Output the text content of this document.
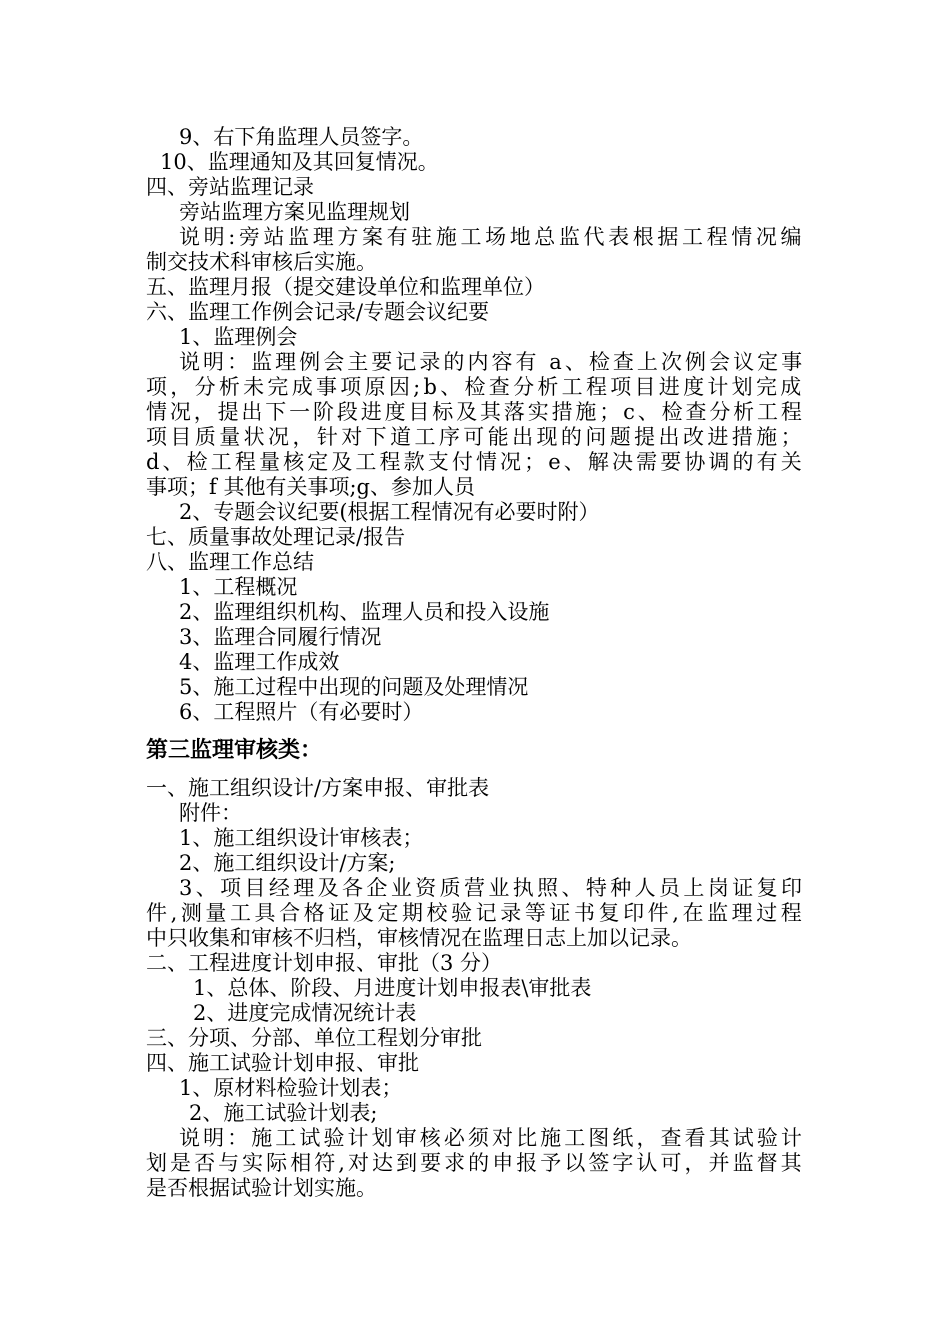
9、右下角监理人员签字。
10、监理通知及其回复情况。
四、旁站监理记录
旁站监理方案见监理规划
说明:旁站监理方案有驻施工场地总监代表根据工程情况编
制交技术科审核后实施。
五、监理月报（提交建设单位和监理单位）
六、监理工作例会记录/专题会议纪要
1、监理例会
说明：监理例会主要记录的内容有 a、检查上次例会议定事
项，分析未完成事项原因;b、检查分析工程项目进度计划完成
情况，提出下一阶段进度目标及其落实措施；c、检查分析工程
项目质量状况，针对下道工序可能出现的问题提出改进措施；
d、检工程量核定及工程款支付情况；e、解决需要协调的有关
事项；f 其他有关事项;g、参加人员
2、专题会议纪要(根据工程情况有必要时附）
七、质量事故处理记录/报告
八、监理工作总结
1、工程概况
2、监理组织机构、监理人员和投入设施
3、监理合同履行情况
4、监理工作成效
5、施工过程中出现的问题及处理情况
6、工程照片（有必要时）
第三监理审核类：
一、施工组织设计/方案申报、审批表
附件：
1、施工组织设计审核表；
2、施工组织设计/方案;
3、项目经理及各企业资质营业执照、特种人员上岗证复印
件,测量工具合格证及定期校验记录等证书复印件,在监理过程
中只收集和审核不归档，审核情况在监理日志上加以记录。
二、工程进度计划申报、审批（3 分）
1、总体、阶段、月进度计划申报表\审批表
2、进度完成情况统计表
三、分项、分部、单位工程划分审批
四、施工试验计划申报、审批
1、原材料检验计划表；
2、施工试验计划表;
说明：施工试验计划审核必须对比施工图纸，查看其试验计
划是否与实际相符,对达到要求的申报予以签字认可，并监督其
是否根据试验计划实施。
